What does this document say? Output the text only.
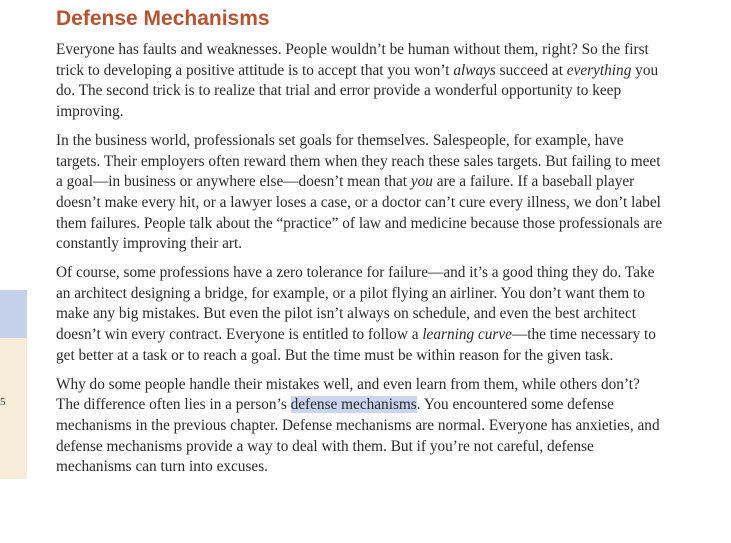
5
Defense Mechanisms

Everyone has faults and weaknesses. People wouldn’t be human without them, right? So the first trick to developing a positive attitude is to accept that you won’t always succeed at everything you do. The second trick is to realize that trial and error provide a wonderful opportunity to keep improving.

In the business world, professionals set goals for themselves. Salespeople, for example, have targets. Their employers often reward them when they reach these sales targets. But failing to meet a goal—in business or anywhere else—doesn’t mean that you are a failure. If a baseball player doesn’t make every hit, or a lawyer loses a case, or a doctor can’t cure every illness, we don’t label them failures. People talk about the “practice” of law and medicine because those professionals are constantly improving their art.

Of course, some professions have a zero tolerance for failure—and it’s a good thing they do. Take an architect designing a bridge, for example, or a pilot flying an airliner. You don’t want them to make any big mistakes. But even the pilot isn’t always on schedule, and even the best architect doesn’t win every contract. Everyone is entitled to follow a learning curve—the time necessary to get better at a task or to reach a goal. But the time must be within reason for the given task.

Why do some people handle their mistakes well, and even learn from them, while others don’t? The difference often lies in a person’s defense mechanisms. You encountered some defense mechanisms in the previous chapter. Defense mechanisms are normal. Everyone has anxieties, and defense mechanisms provide a way to deal with them. But if you’re not careful, defense mechanisms can turn into excuses.
